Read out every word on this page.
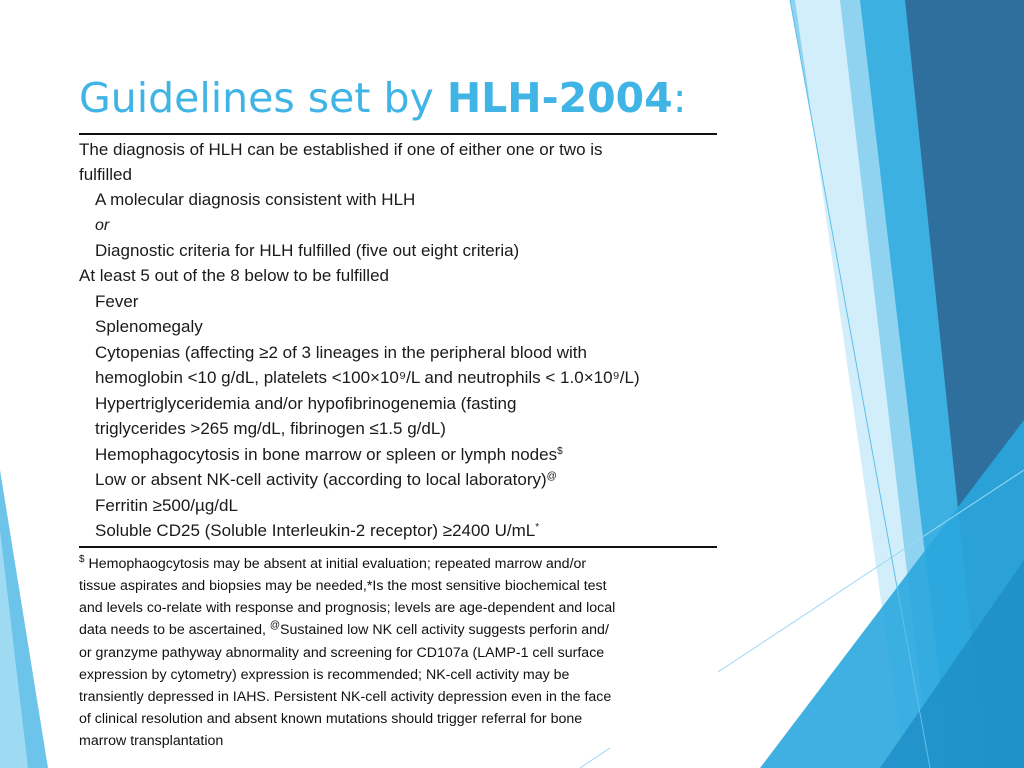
Guidelines set by HLH-2004:
The diagnosis of HLH can be established if one of either one or two is
fulfilled
A molecular diagnosis consistent with HLH
or
Diagnostic criteria for HLH fulfilled (five out eight criteria)
At least 5 out of the 8 below to be fulfilled
Fever
Splenomegaly
Cytopenias (affecting ≥2 of 3 lineages in the peripheral blood with
hemoglobin <10 g/dL, platelets <100×10⁹/L and neutrophils < 1.0×10⁹/L)
Hypertriglyceridemia and/or hypofibrinogenemia (fasting
triglycerides >265 mg/dL, fibrinogen ≤1.5 g/dL)
Hemophagocytosis in bone marrow or spleen or lymph nodes$
Low or absent NK-cell activity (according to local laboratory)@
Ferritin ≥500/µg/dL
Soluble CD25 (Soluble Interleukin-2 receptor) ≥2400 U/mL*
$ Hemophaogcytosis may be absent at initial evaluation; repeated marrow and/or
tissue aspirates and biopsies may be needed,*Is the most sensitive biochemical test
and levels co-relate with response and prognosis; levels are age-dependent and local
data needs to be ascertained, @Sustained low NK cell activity suggests perforin and/
or granzyme pathyway abnormality and screening for CD107a (LAMP-1 cell surface
expression by cytometry) expression is recommended; NK-cell activity may be
transiently depressed in IAHS. Persistent NK-cell activity depression even in the face
of clinical resolution and absent known mutations should trigger referral for bone
marrow transplantation
